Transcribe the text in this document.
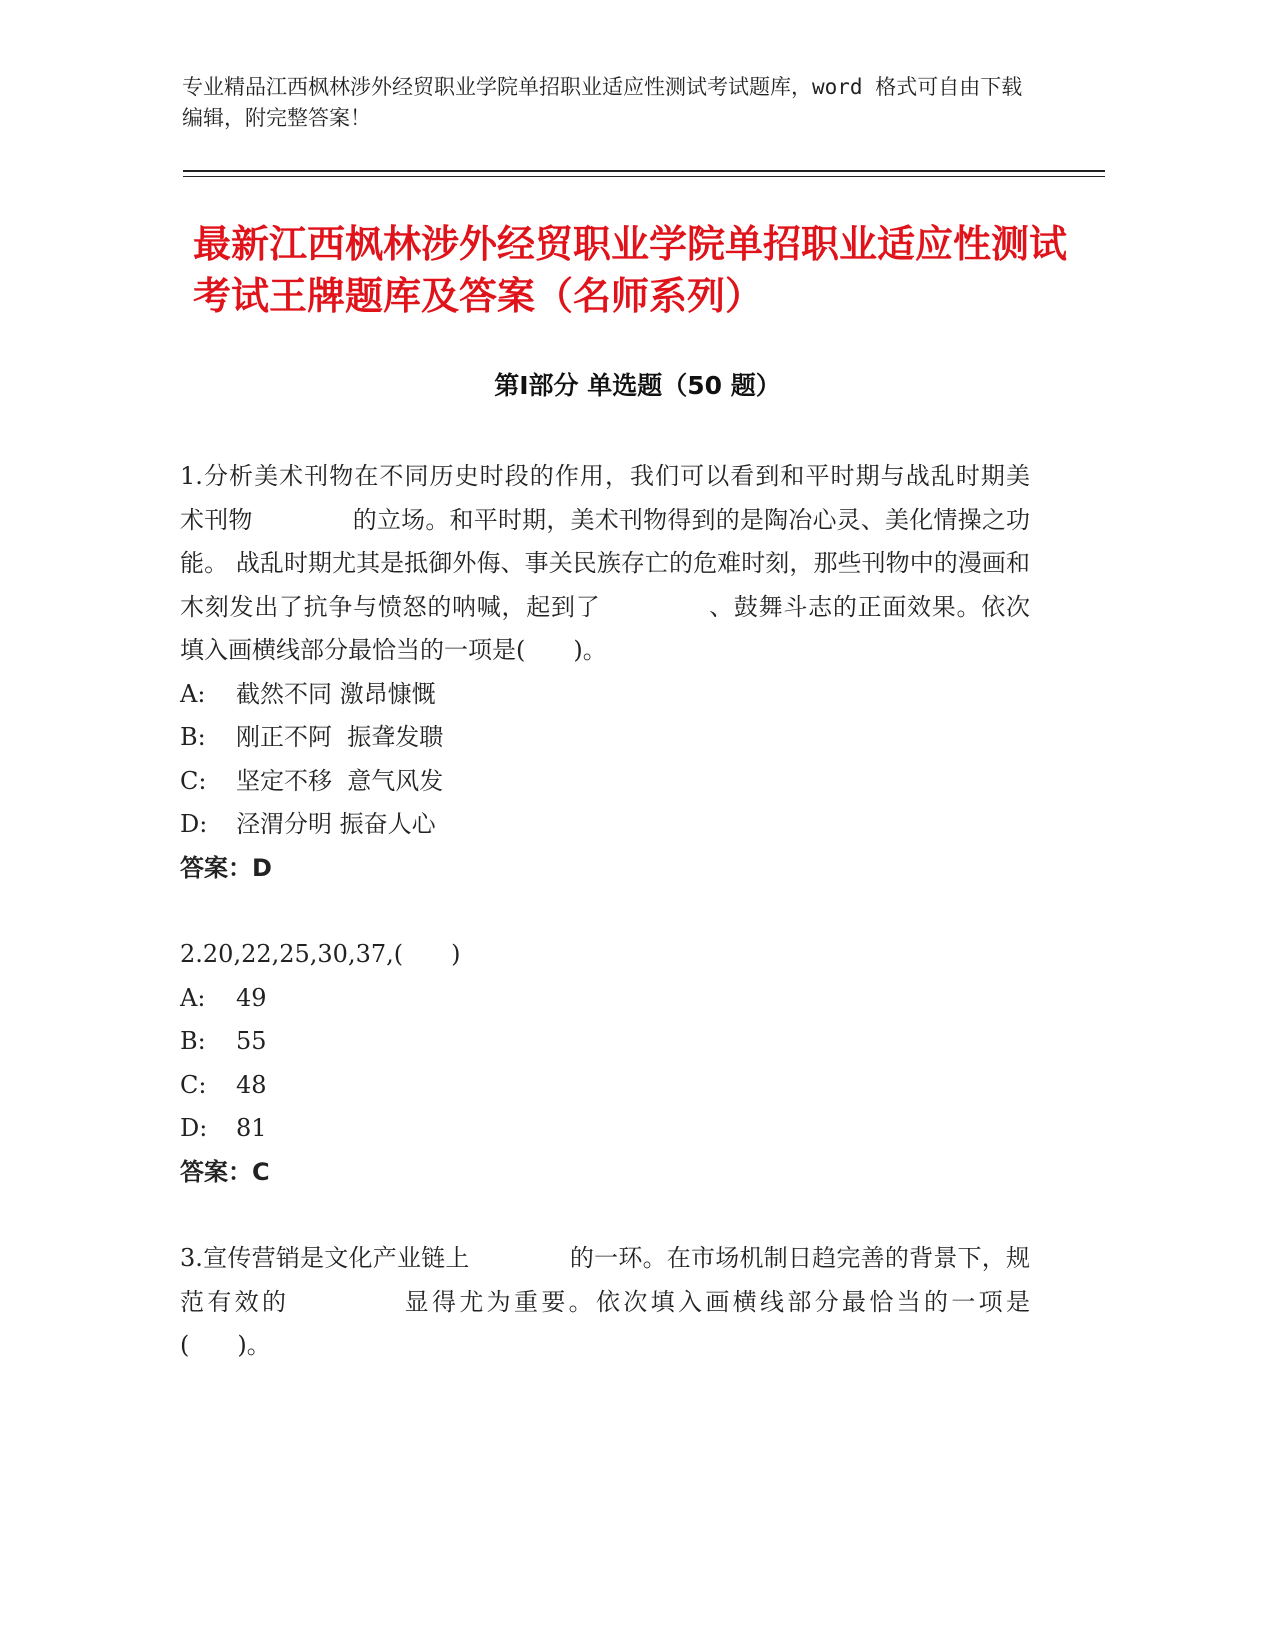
专业精品江西枫林涉外经贸职业学院单招职业适应性测试考试题库，word 格式可自由下载编辑，附完整答案！
最新江西枫林涉外经贸职业学院单招职业适应性测试考试王牌题库及答案（名师系列）
第Ⅰ部分 单选题（50 题）

1.分析美术刊物在不同历史时段的作用，我们可以看到和平时期与战乱时期美　术刊物	的立场。和平时期，美术刊物得到的是陶冶心灵、美化情操之功能。 战乱时期尤其是抵御外侮、事关民族存亡的危难时刻，那些刊物中的漫画和木刻发出了抗争与愤怒的呐喊，起到了	、鼓舞斗志的正面效果。依次填入画横线部分最恰当的一项是(　　)。

A: 截然不同 激昂慷慨

B: 刚正不阿  振聋发聩

C: 坚定不移  意气风发

D: 泾渭分明 振奋人心

答案：D

2.20,22,25,30,37,(　　)

A: 49

B: 55

C: 48

D: 81

答案：C

3.宣传营销是文化产业链上	的一环。在市场机制日趋完善的背景下，规范有效的	显得尤为重要。依次填入画横线部分最恰当的一项是(　　)。
